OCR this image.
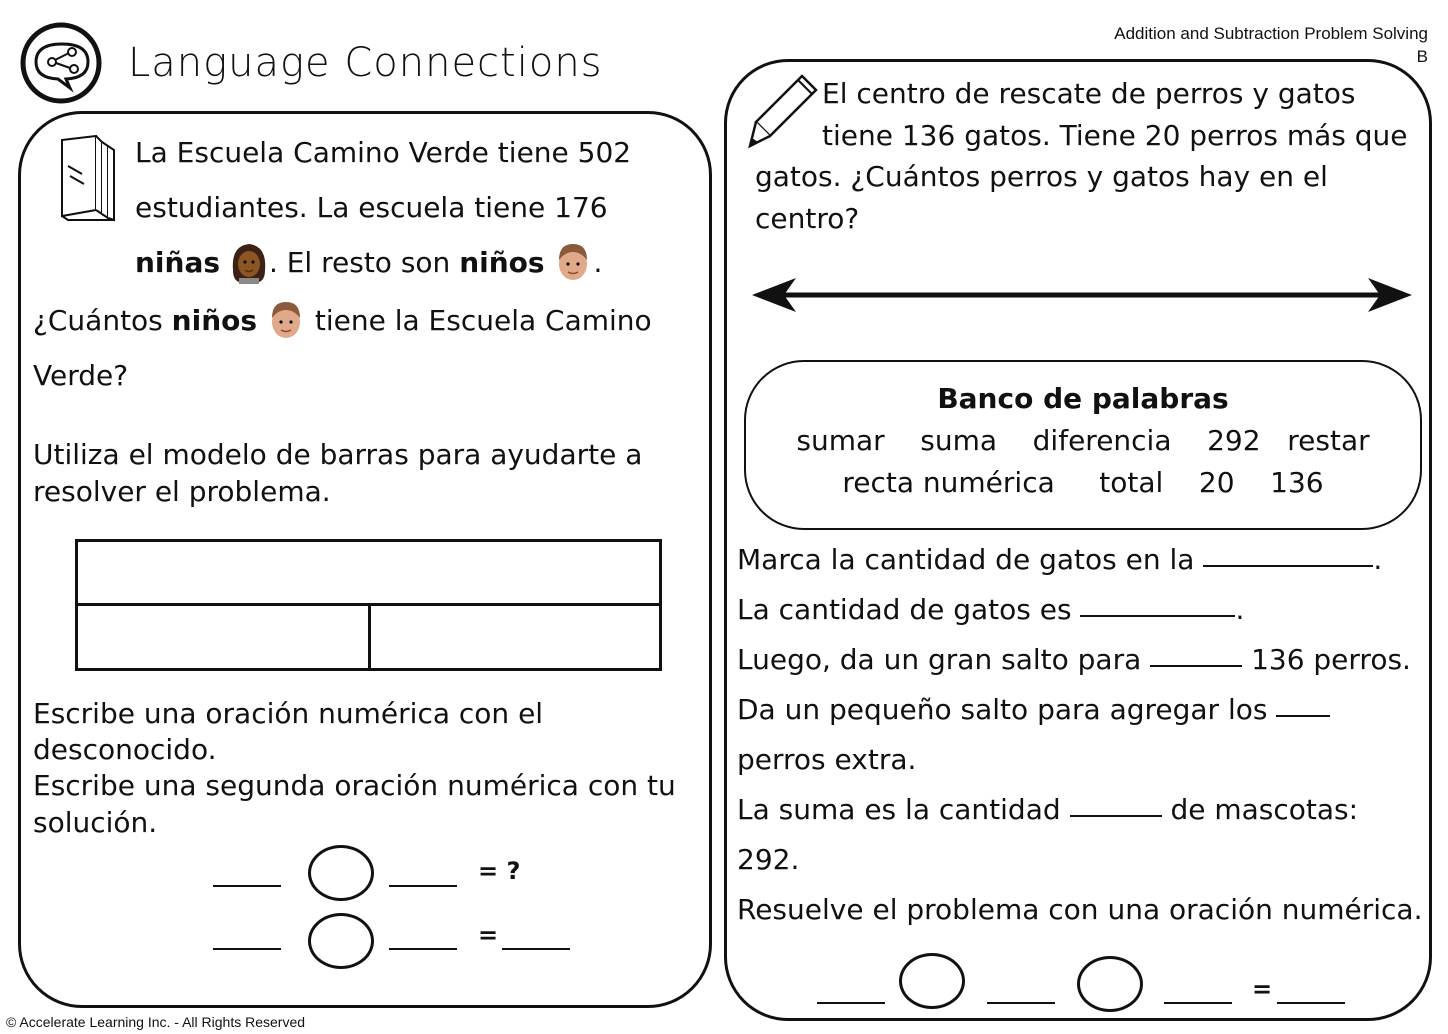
Language Connections
Addition and Subtraction Problem Solving
B
La Escuela Camino Verde tiene 502
estudiantes. La escuela tiene 176
niñas . El resto son niños .
¿Cuántos niños tiene la Escuela Camino
Verde?
Utiliza el modelo de barras para ayudarte a
resolver el problema.
Escribe una oración numérica con el
desconocido.
Escribe una segunda oración numérica con tu
solución.
= ?
=
El centro de rescate de perros y gatos
tiene 136 gatos. Tiene 20 perros más que
gatos. ¿Cuántos perros y gatos hay en el
centro?
Banco de palabras
sumar suma diferencia 292 restar
recta numérica total 20 136
Marca la cantidad de gatos en la	.
La cantidad de gatos es	.
Luego, da un gran salto para	136 perros.
Da un pequeño salto para agregar los
perros extra.
La suma es la cantidad	de mascotas:
292.
Resuelve el problema con una oración numérica.
=
© Accelerate Learning Inc. - All Rights Reserved
